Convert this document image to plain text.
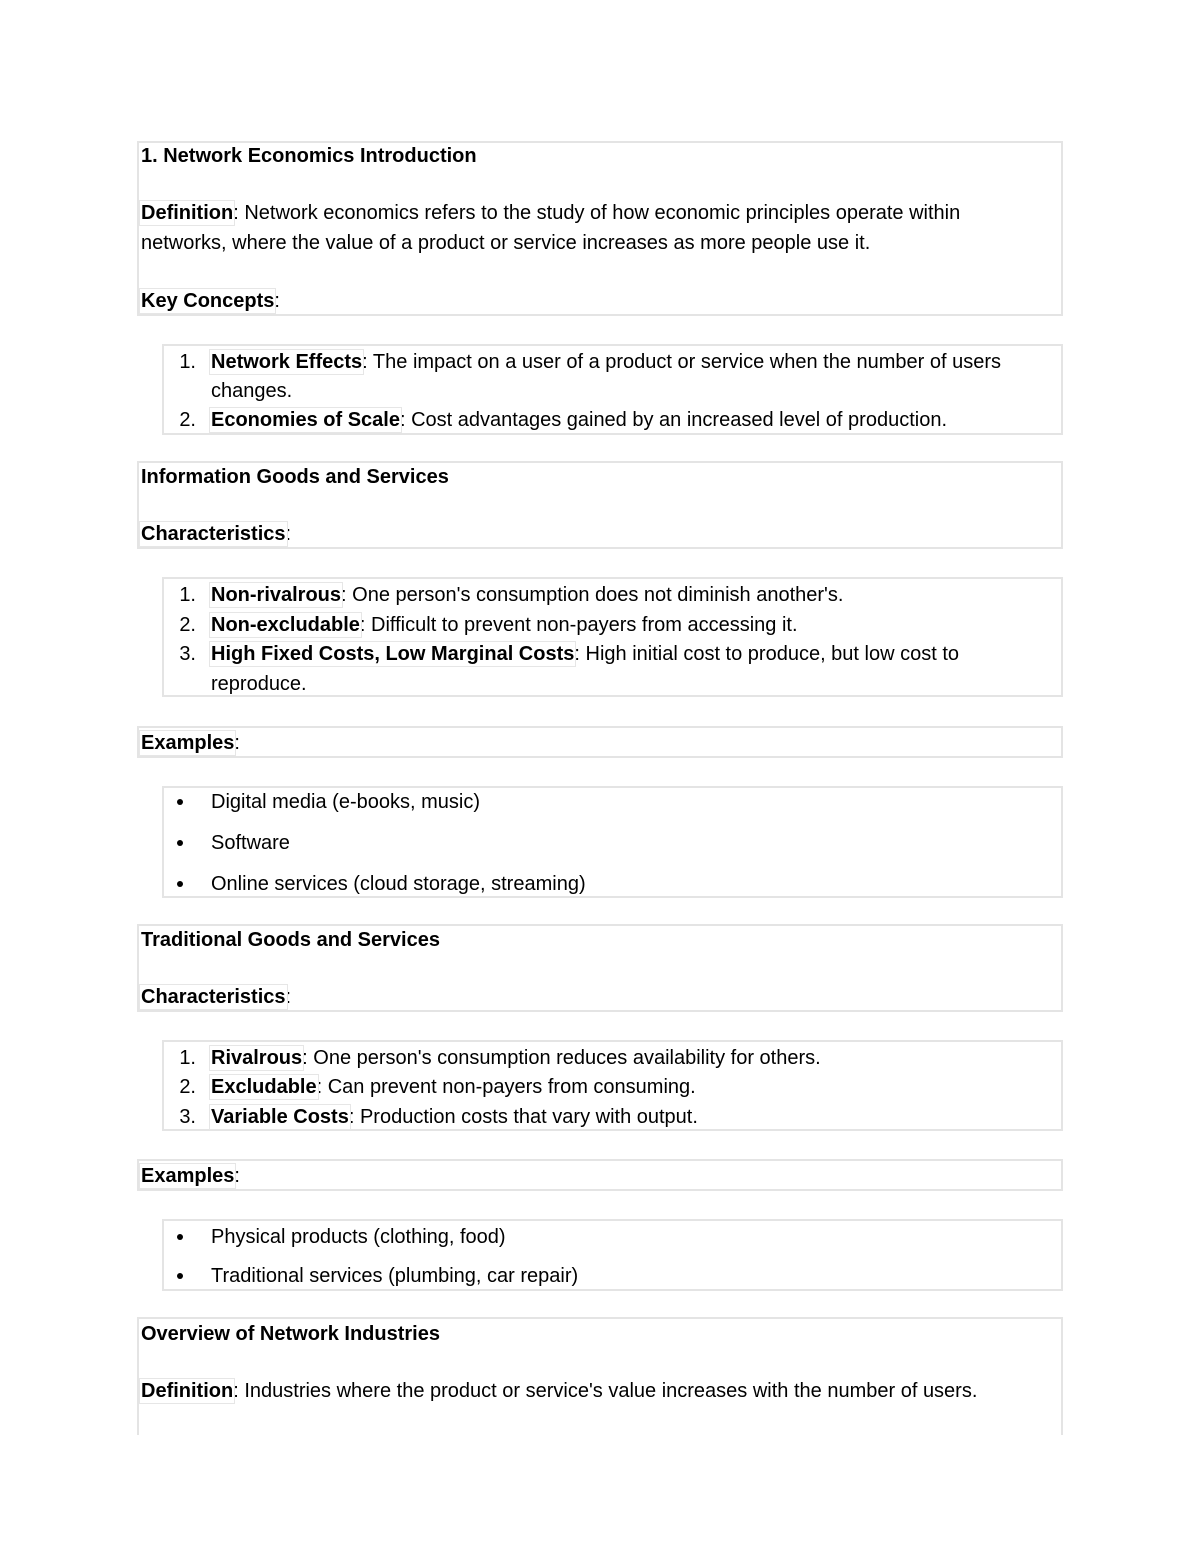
1. Network Economics Introduction
Definition: Network economics refers to the study of how economic principles operate within
networks, where the value of a product or service increases as more people use it.
Key Concepts:
1. Network Effects: The impact on a user of a product or service when the number of users
changes.
2. Economies of Scale: Cost advantages gained by an increased level of production.
Information Goods and Services
Characteristics:
1. Non-rivalrous: One person's consumption does not diminish another's.
2. Non-excludable: Difficult to prevent non-payers from accessing it.
3. High Fixed Costs, Low Marginal Costs: High initial cost to produce, but low cost to
reproduce.
Examples:
Digital media (e-books, music)
Software
Online services (cloud storage, streaming)
Traditional Goods and Services
Characteristics:
1. Rivalrous: One person's consumption reduces availability for others.
2. Excludable: Can prevent non-payers from consuming.
3. Variable Costs: Production costs that vary with output.
Examples:
Physical products (clothing, food)
Traditional services (plumbing, car repair)
Overview of Network Industries
Definition: Industries where the product or service's value increases with the number of users.
